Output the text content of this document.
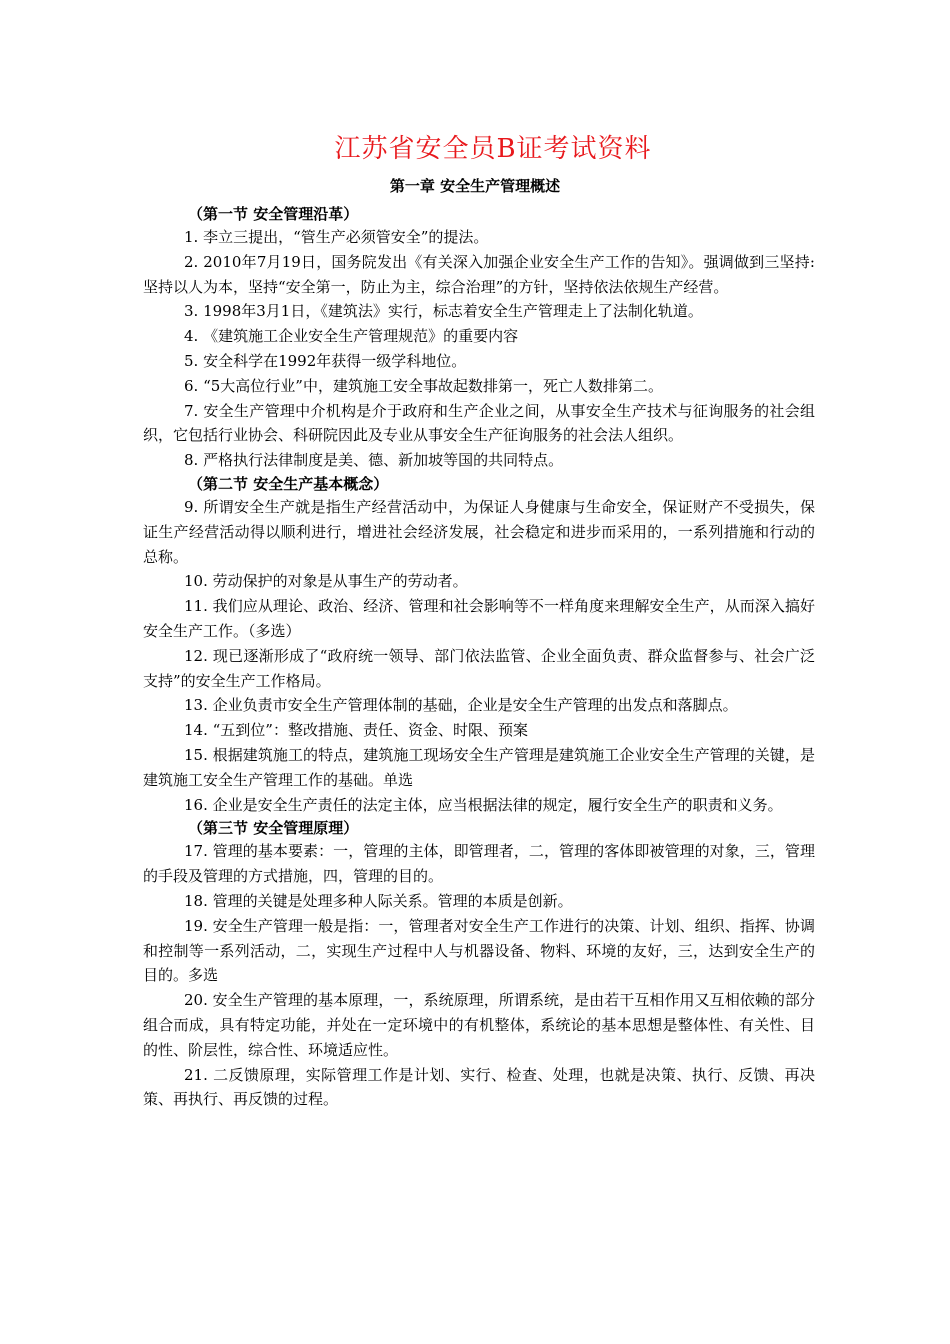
江苏省安全员B证考试资料
第一章 安全生产管理概述
（第一节 安全管理沿革）
1. 李立三提出，“管生产必须管安全”的提法。
2. 2010年7月19日，国务院发出《有关深入加强企业安全生产工作的告知》。强调做到三坚持:坚持以人为本，坚持“安全第一，防止为主，综合治理”的方针，坚持依法依规生产经营。
3. 1998年3月1日，《建筑法》实行，标志着安全生产管理走上了法制化轨道。
4. 《建筑施工企业安全生产管理规范》的重要内容
5. 安全科学在1992年获得一级学科地位。
6. “5大高位行业”中，建筑施工安全事故起数排第一，死亡人数排第二。
7. 安全生产管理中介机构是介于政府和生产企业之间，从事安全生产技术与征询服务的社会组织，它包括行业协会、科研院因此及专业从事安全生产征询服务的社会法人组织。
8. 严格执行法律制度是美、德、新加坡等国的共同特点。
（第二节 安全生产基本概念）
9. 所谓安全生产就是指生产经营活动中，为保证人身健康与生命安全，保证财产不受损失，保证生产经营活动得以顺利进行，增进社会经济发展，社会稳定和进步而采用的，一系列措施和行动的总称。
10. 劳动保护的对象是从事生产的劳动者。
11. 我们应从理论、政治、经济、管理和社会影响等不一样角度来理解安全生产，从而深入搞好安全生产工作。（多选）
12. 现已逐渐形成了“政府统一领导、部门依法监管、企业全面负责、群众监督参与、社会广泛支持”的安全生产工作格局。
13. 企业负责市安全生产管理体制的基础，企业是安全生产管理的出发点和落脚点。
14. “五到位”：整改措施、责任、资金、时限、预案
15. 根据建筑施工的特点，建筑施工现场安全生产管理是建筑施工企业安全生产管理的关键，是建筑施工安全生产管理工作的基础。单选
16. 企业是安全生产责任的法定主体，应当根据法律的规定，履行安全生产的职责和义务。
（第三节 安全管理原理）
17. 管理的基本要素：一，管理的主体，即管理者，二，管理的客体即被管理的对象，三，管理的手段及管理的方式措施，四，管理的目的。
18. 管理的关键是处理多种人际关系。管理的本质是创新。
19. 安全生产管理一般是指：一，管理者对安全生产工作进行的决策、计划、组织、指挥、协调和控制等一系列活动，二，实现生产过程中人与机器设备、物料、环境的友好，三，达到安全生产的目的。多选
20. 安全生产管理的基本原理，一，系统原理，所谓系统，是由若干互相作用又互相依赖的部分组合而成，具有特定功能，并处在一定环境中的有机整体，系统论的基本思想是整体性、有关性、目的性、阶层性，综合性、环境适应性。
21. 二反馈原理，实际管理工作是计划、实行、检查、处理，也就是决策、执行、反馈、再决策、再执行、再反馈的过程。
